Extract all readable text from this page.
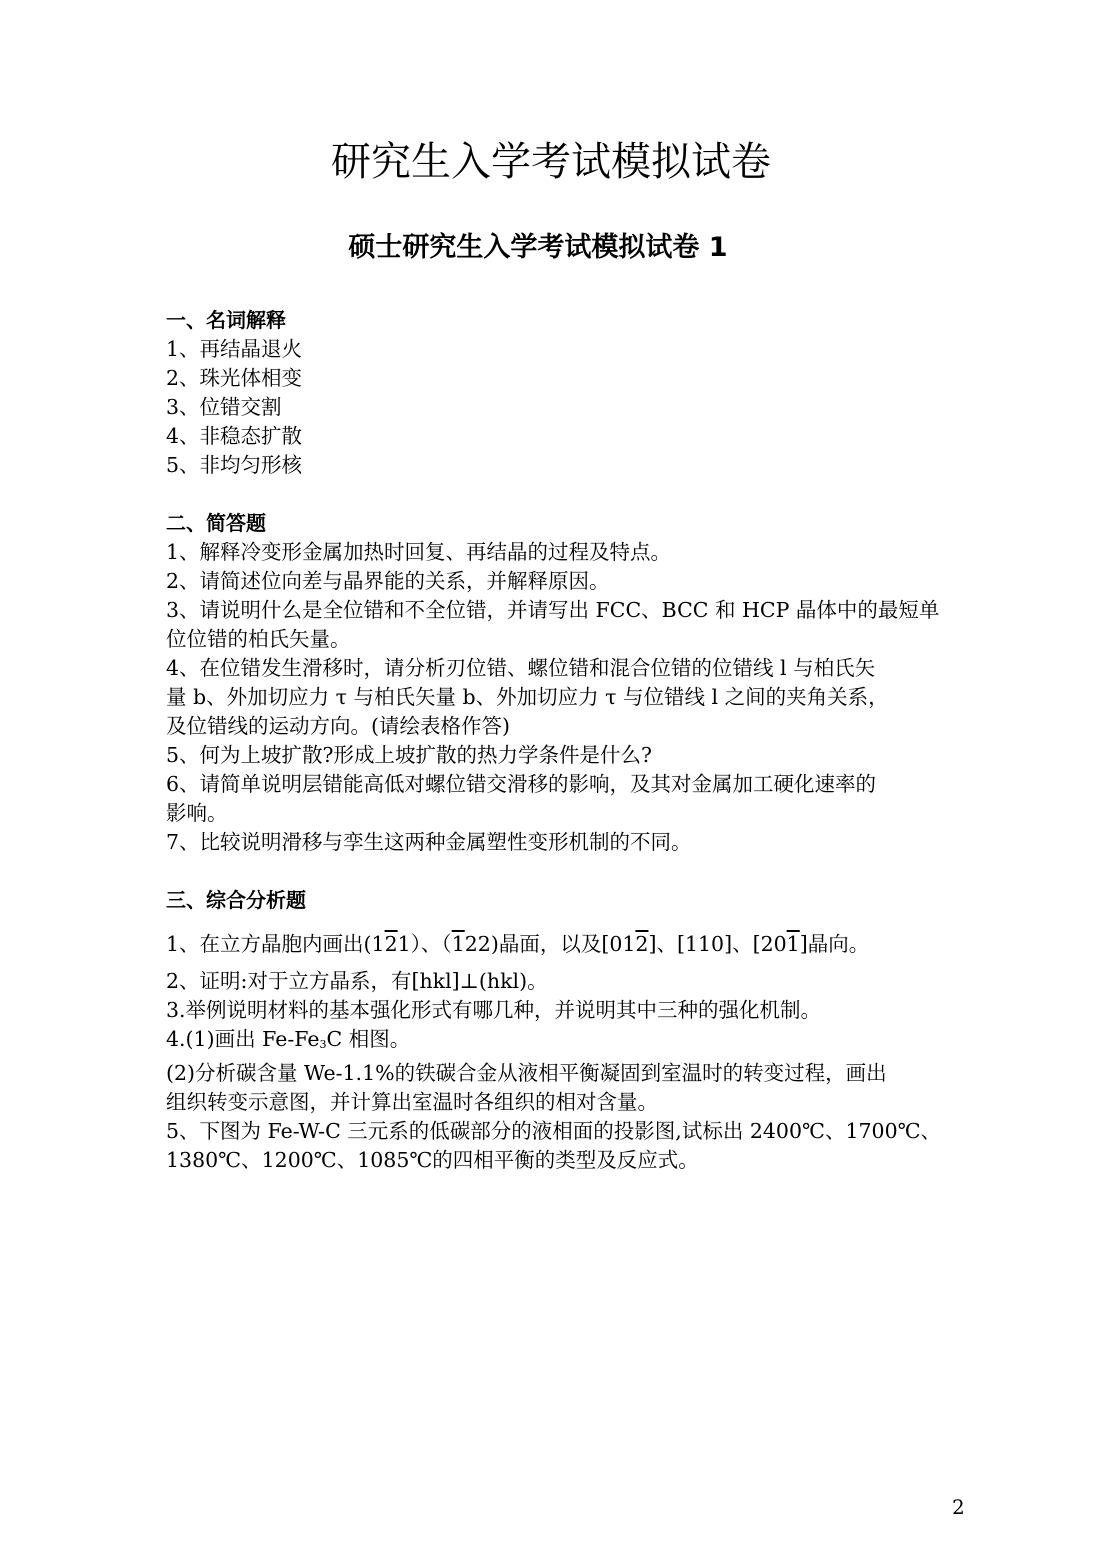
研究生入学考试模拟试卷
硕士研究生入学考试模拟试卷 1
一、名词解释
1、再结晶退火
2、珠光体相变
3、位错交割
4、非稳态扩散
5、非均匀形核
二、简答题
1、解释冷变形金属加热时回复、再结晶的过程及特点。
2、请简述位向差与晶界能的关系，并解释原因。
3、请说明什么是全位错和不全位错，并请写出 FCC、BCC 和 HCP 晶体中的最短单
位位错的柏氏矢量。
4、在位错发生滑移时，请分析刃位错、螺位错和混合位错的位错线 l 与柏氏矢
量 b、外加切应力 τ 与柏氏矢量 b、外加切应力 τ 与位错线 l 之间的夹角关系，
及位错线的运动方向。(请绘表格作答)
5、何为上坡扩散?形成上坡扩散的热力学条件是什么?
6、请简单说明层错能高低对螺位错交滑移的影响，及其对金属加工硬化速率的
影响。
7、比较说明滑移与孪生这两种金属塑性变形机制的不同。
三、综合分析题
1、在立方晶胞内画出(121）、（122)晶面，以及[012]、[110]、[201]晶向。
2、证明:对于立方晶系，有[hkl]⊥(hkl)。
3.举例说明材料的基本强化形式有哪几种，并说明其中三种的强化机制。
4.(1)画出 $Fe-Fe_3C$ 相图。
(2)分析碳含量 We-1.1%的铁碳合金从液相平衡凝固到室温时的转变过程，画出
组织转变示意图，并计算出室温时各组织的相对含量。
5、下图为 Fe-W-C 三元系的低碳部分的液相面的投影图,试标出 2400℃、1700℃、
1380℃、1200℃、1085℃的四相平衡的类型及反应式。
2
